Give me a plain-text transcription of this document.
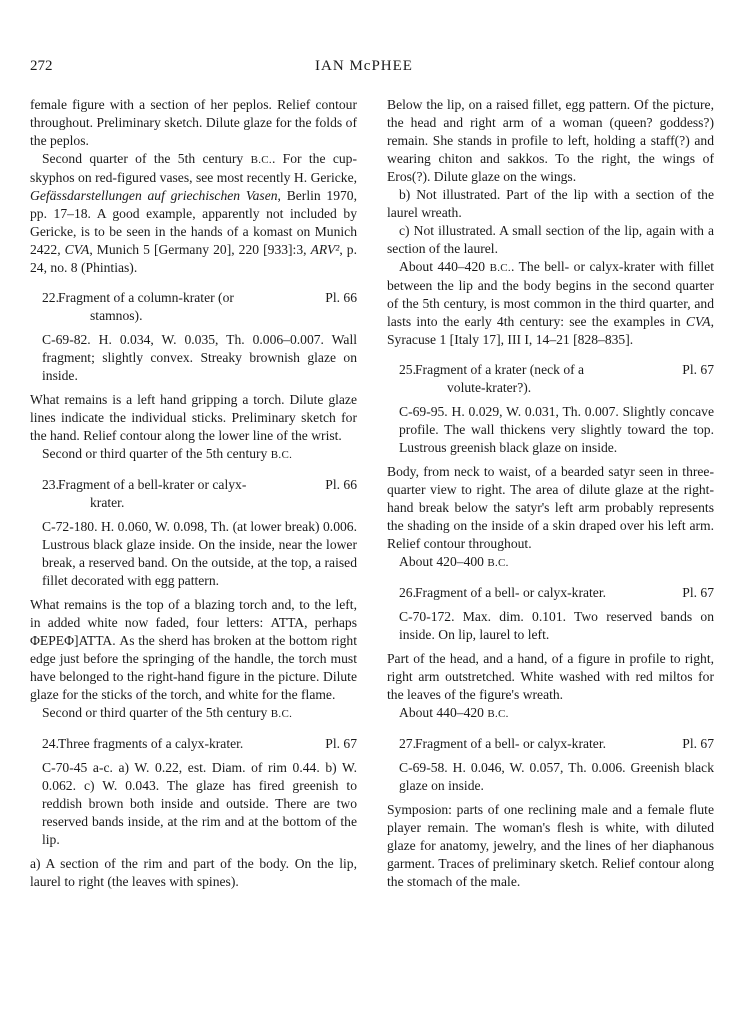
272	IAN McPHEE

female figure with a section of her peplos. Relief contour throughout. Preliminary sketch. Dilute glaze for the folds of the peplos.

Second quarter of the 5th century B.C.. For the cup-skyphos on red-figured vases, see most recently H. Gericke, Gefässdarstellungen auf griechischen Vasen, Berlin 1970, pp. 17–18. A good example, apparently not included by Gericke, is to be seen in the hands of a komast on Munich 2422, CVA, Munich 5 [Germany 20], 220 [933]:3, ARV², p. 24, no. 8 (Phintias).

22. Fragment of a column-krater (or
stamnos).
Pl. 66

C-69-82. H. 0.034, W. 0.035, Th. 0.006–0.007. Wall fragment; slightly convex. Streaky brownish glaze on inside.

What remains is a left hand gripping a torch. Dilute glaze lines indicate the individual sticks. Preliminary sketch for the hand. Relief contour along the lower line of the wrist.

Second or third quarter of the 5th century B.C.

23. Fragment of a bell-krater or calyx-
krater.
Pl. 66

C-72-180. H. 0.060, W. 0.098, Th. (at lower break) 0.006. Lustrous black glaze inside. On the inside, near the lower break, a reserved band. On the outside, at the top, a raised fillet decorated with egg pattern.

What remains is the top of a blazing torch and, to the left, in added white now faded, four letters: ΑΤΤΑ, perhaps ΦΕΡΕΦ]ΑΤΤΑ. As the sherd has broken at the bottom right edge just before the springing of the handle, the torch must have belonged to the right-hand figure in the picture. Dilute glaze for the sticks of the torch, and white for the flame.

Second or third quarter of the 5th century B.C.

24. Three fragments of a calyx-krater.	Pl. 67

C-70-45 a-c. a) W. 0.22, est. Diam. of rim 0.44. b) W. 0.062. c) W. 0.043. The glaze has fired greenish to reddish brown both inside and outside. There are two reserved bands inside, at the rim and at the bottom of the lip.

a) A section of the rim and part of the body. On the lip, laurel to right (the leaves with spines).

Below the lip, on a raised fillet, egg pattern. Of the picture, the head and right arm of a woman (queen? goddess?) remain. She stands in profile to left, holding a staff(?) and wearing chiton and sakkos. To the right, the wings of Eros(?). Dilute glaze on the wings.

b) Not illustrated. Part of the lip with a section of the laurel wreath.

c) Not illustrated. A small section of the lip, again with a section of the laurel.

About 440–420 B.C.. The bell- or calyx-krater with fillet between the lip and the body begins in the second quarter of the 5th century, is most common in the third quarter, and lasts into the early 4th century: see the examples in CVA, Syracuse 1 [Italy 17], III I, 14–21 [828–835].

25. Fragment of a krater (neck of a
volute-krater?).
Pl. 67

C-69-95. H. 0.029, W. 0.031, Th. 0.007. Slightly concave profile. The wall thickens very slightly toward the top. Lustrous greenish black glaze on inside.

Body, from neck to waist, of a bearded satyr seen in three-quarter view to right. The area of dilute glaze at the right-hand break below the satyr's left arm probably represents the shading on the inside of a skin draped over his left arm. Relief contour throughout.

About 420–400 B.C.

26. Fragment of a bell- or calyx-krater.	Pl. 67

C-70-172. Max. dim. 0.101. Two reserved bands on inside. On lip, laurel to left.

Part of the head, and a hand, of a figure in profile to right, right arm outstretched. White washed with red miltos for the leaves of the figure's wreath.

About 440–420 B.C.

27. Fragment of a bell- or calyx-krater.	Pl. 67

C-69-58. H. 0.046, W. 0.057, Th. 0.006. Greenish black glaze on inside.

Symposion: parts of one reclining male and a female flute player remain. The woman's flesh is white, with diluted glaze for anatomy, jewelry, and the lines of her diaphanous garment. Traces of preliminary sketch. Relief contour along the stomach of the male.
